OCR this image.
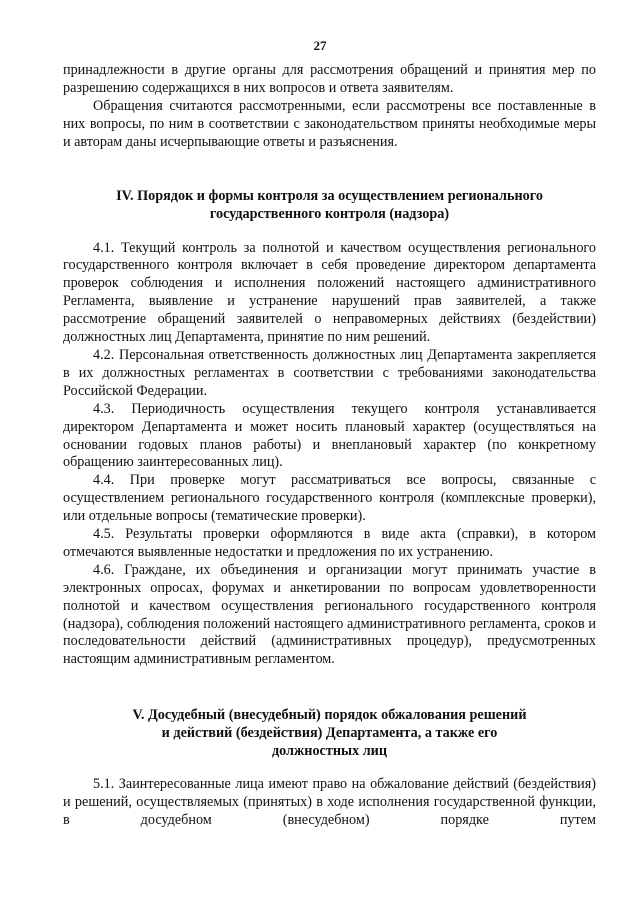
27

принадлежности в другие органы для рассмотрения обращений и принятия мер по разрешению содержащихся в них вопросов и ответа заявителям.

Обращения считаются рассмотренными, если рассмотрены все поставленные в них вопросы, по ним в соответствии с законодательством приняты необходимые меры и авторам даны исчерпывающие ответы и разъяснения.

IV. Порядок и формы контроля за осуществлением регионального
государственного контроля (надзора)

4.1. Текущий контроль за полнотой и качеством осуществления регионального государственного контроля включает в себя проведение директором департамента проверок соблюдения и исполнения положений настоящего административного Регламента, выявление и устранение нарушений прав заявителей, а также рассмотрение обращений заявителей о неправомерных действиях (бездействии) должностных лиц Департамента, принятие по ним решений.

4.2. Персональная ответственность должностных лиц Департамента закрепляется в их должностных регламентах в соответствии с требованиями законодательства Российской Федерации.

4.3. Периодичность осуществления текущего контроля устанавливается директором Департамента и может носить плановый характер (осуществляться на основании годовых планов работы) и внеплановый характер (по конкретному обращению заинтересованных лиц).

4.4. При проверке могут рассматриваться все вопросы, связанные с осуществлением регионального государственного контроля (комплексные проверки), или отдельные вопросы (тематические проверки).

4.5. Результаты проверки оформляются в виде акта (справки), в котором отмечаются выявленные недостатки и предложения по их устранению.

4.6. Граждане, их объединения и организации могут принимать участие в электронных опросах, форумах и анкетировании по вопросам удовлетворенности полнотой и качеством осуществления регионального государственного контроля (надзора), соблюдения положений настоящего административного регламента, сроков и последовательности действий (административных процедур), предусмотренных настоящим административным регламентом.

V. Досудебный (внесудебный) порядок обжалования решений
и действий (бездействия) Департамента, а также его
должностных лиц

5.1. Заинтересованные лица имеют право на обжалование действий (бездействия) и решений, осуществляемых (принятых) в ходе исполнения государственной функции, в досудебном (внесудебном) порядке путем
